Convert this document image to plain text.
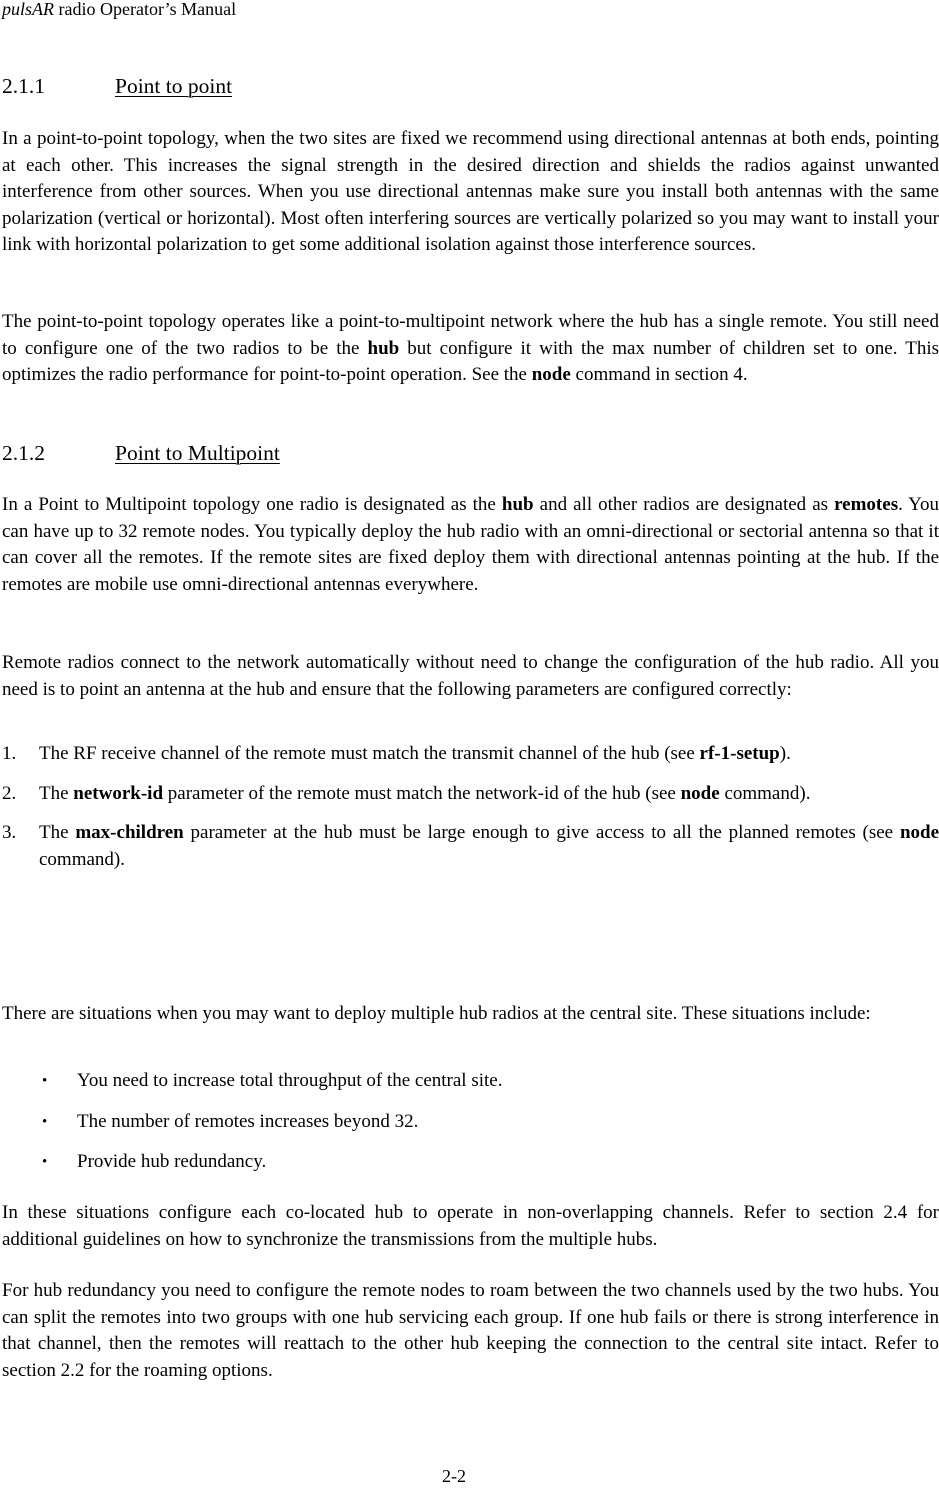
pulsAR radio Operator’s Manual
2.1.1	Point to point

In a point-to-point topology, when the two sites are fixed we recommend using directional antennas at both ends, pointing at each other. This increases the signal strength in the desired direction and shields the radios against unwanted interference from other sources. When you use directional antennas make sure you install both antennas with the same polarization (vertical or horizontal). Most often interfering sources are vertically polarized so you may want to install your link with horizontal polarization to get some additional isolation against those interference sources.

The point-to-point topology operates like a point-to-multipoint network where the hub has a single remote. You still need to configure one of the two radios to be the hub but configure it with the max number of children set to one. This optimizes the radio performance for point-to-point operation. See the node command in section 4.

2.1.2	Point to Multipoint

In a Point to Multipoint topology one radio is designated as the hub and all other radios are designated as remotes. You can have up to 32 remote nodes. You typically deploy the hub radio with an omni-directional or sectorial antenna so that it can cover all the remotes. If the remote sites are fixed deploy them with directional antennas pointing at the hub. If the remotes are mobile use omni-directional antennas everywhere.

Remote radios connect to the network automatically without need to change the configuration of the hub radio. All you need is to point an antenna at the hub and ensure that the following parameters are configured correctly:

1. The RF receive channel of the remote must match the transmit channel of the hub (see rf-1-setup).
2. The network-id parameter of the remote must match the network-id of the hub (see node command).
3. The max-children parameter at the hub must be large enough to give access to all the planned remotes (see node command).

There are situations when you may want to deploy multiple hub radios at the central site. These situations include:

• You need to increase total throughput of the central site.
• The number of remotes increases beyond 32.
• Provide hub redundancy.

In these situations configure each co-located hub to operate in non-overlapping channels. Refer to section 2.4 for additional guidelines on how to synchronize the transmissions from the multiple hubs.

For hub redundancy you need to configure the remote nodes to roam between the two channels used by the two hubs. You can split the remotes into two groups with one hub servicing each group. If one hub fails or there is strong interference in that channel, then the remotes will reattach to the other hub keeping the connection to the central site intact. Refer to section 2.2 for the roaming options.

2-2
